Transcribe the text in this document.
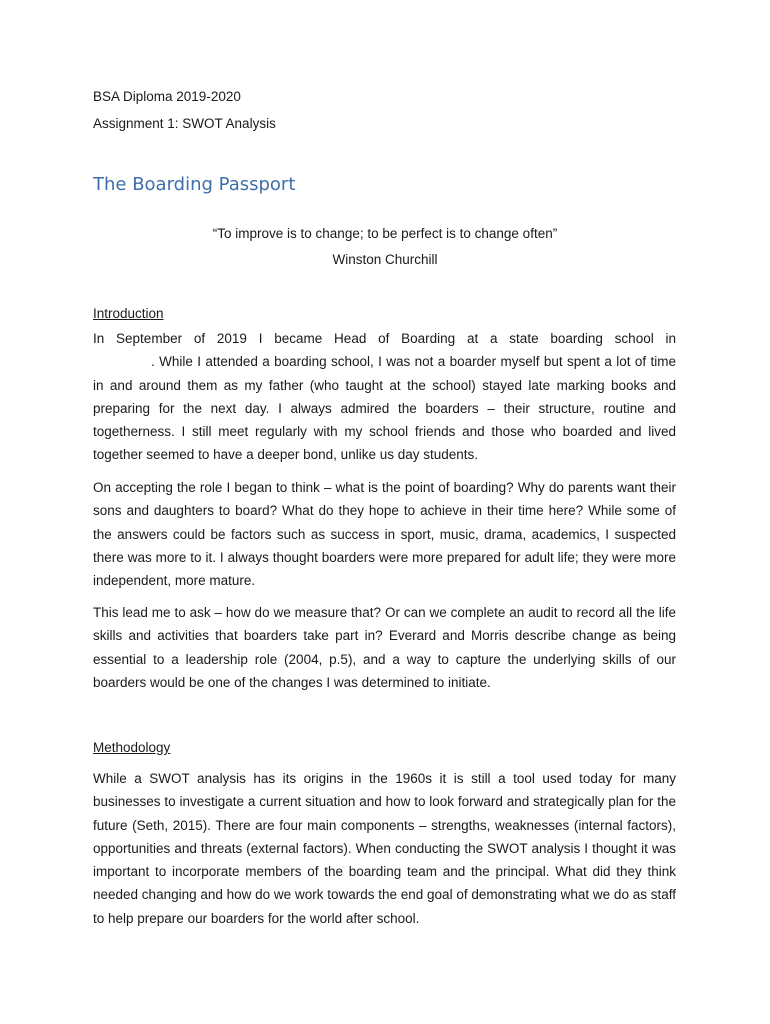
BSA Diploma 2019-2020
Assignment 1: SWOT Analysis
The Boarding Passport
“To improve is to change; to be perfect is to change often”
Winston Churchill
Introduction

In September of 2019 I became Head of Boarding at a state boarding school in

. While I attended a boarding school, I was not a boarder myself but spent a lot of time in and around them as my father (who taught at the school) stayed late marking books and preparing for the next day. I always admired the boarders – their structure, routine and togetherness. I still meet regularly with my school friends and those who boarded and lived together seemed to have a deeper bond, unlike us day students.

On accepting the role I began to think – what is the point of boarding? Why do parents want their sons and daughters to board? What do they hope to achieve in their time here? While some of the answers could be factors such as success in sport, music, drama, academics, I suspected there was more to it. I always thought boarders were more prepared for adult life; they were more independent, more mature.

This lead me to ask – how do we measure that? Or can we complete an audit to record all the life skills and activities that boarders take part in? Everard and Morris describe change as being essential to a leadership role (2004, p.5), and a way to capture the underlying skills of our boarders would be one of the changes I was determined to initiate.

Methodology

While a SWOT analysis has its origins in the 1960s it is still a tool used today for many businesses to investigate a current situation and how to look forward and strategically plan for the future (Seth, 2015). There are four main components – strengths, weaknesses (internal factors), opportunities and threats (external factors). When conducting the SWOT analysis I thought it was important to incorporate members of the boarding team and the principal. What did they think needed changing and how do we work towards the end goal of demonstrating what we do as staff to help prepare our boarders for the world after school.
